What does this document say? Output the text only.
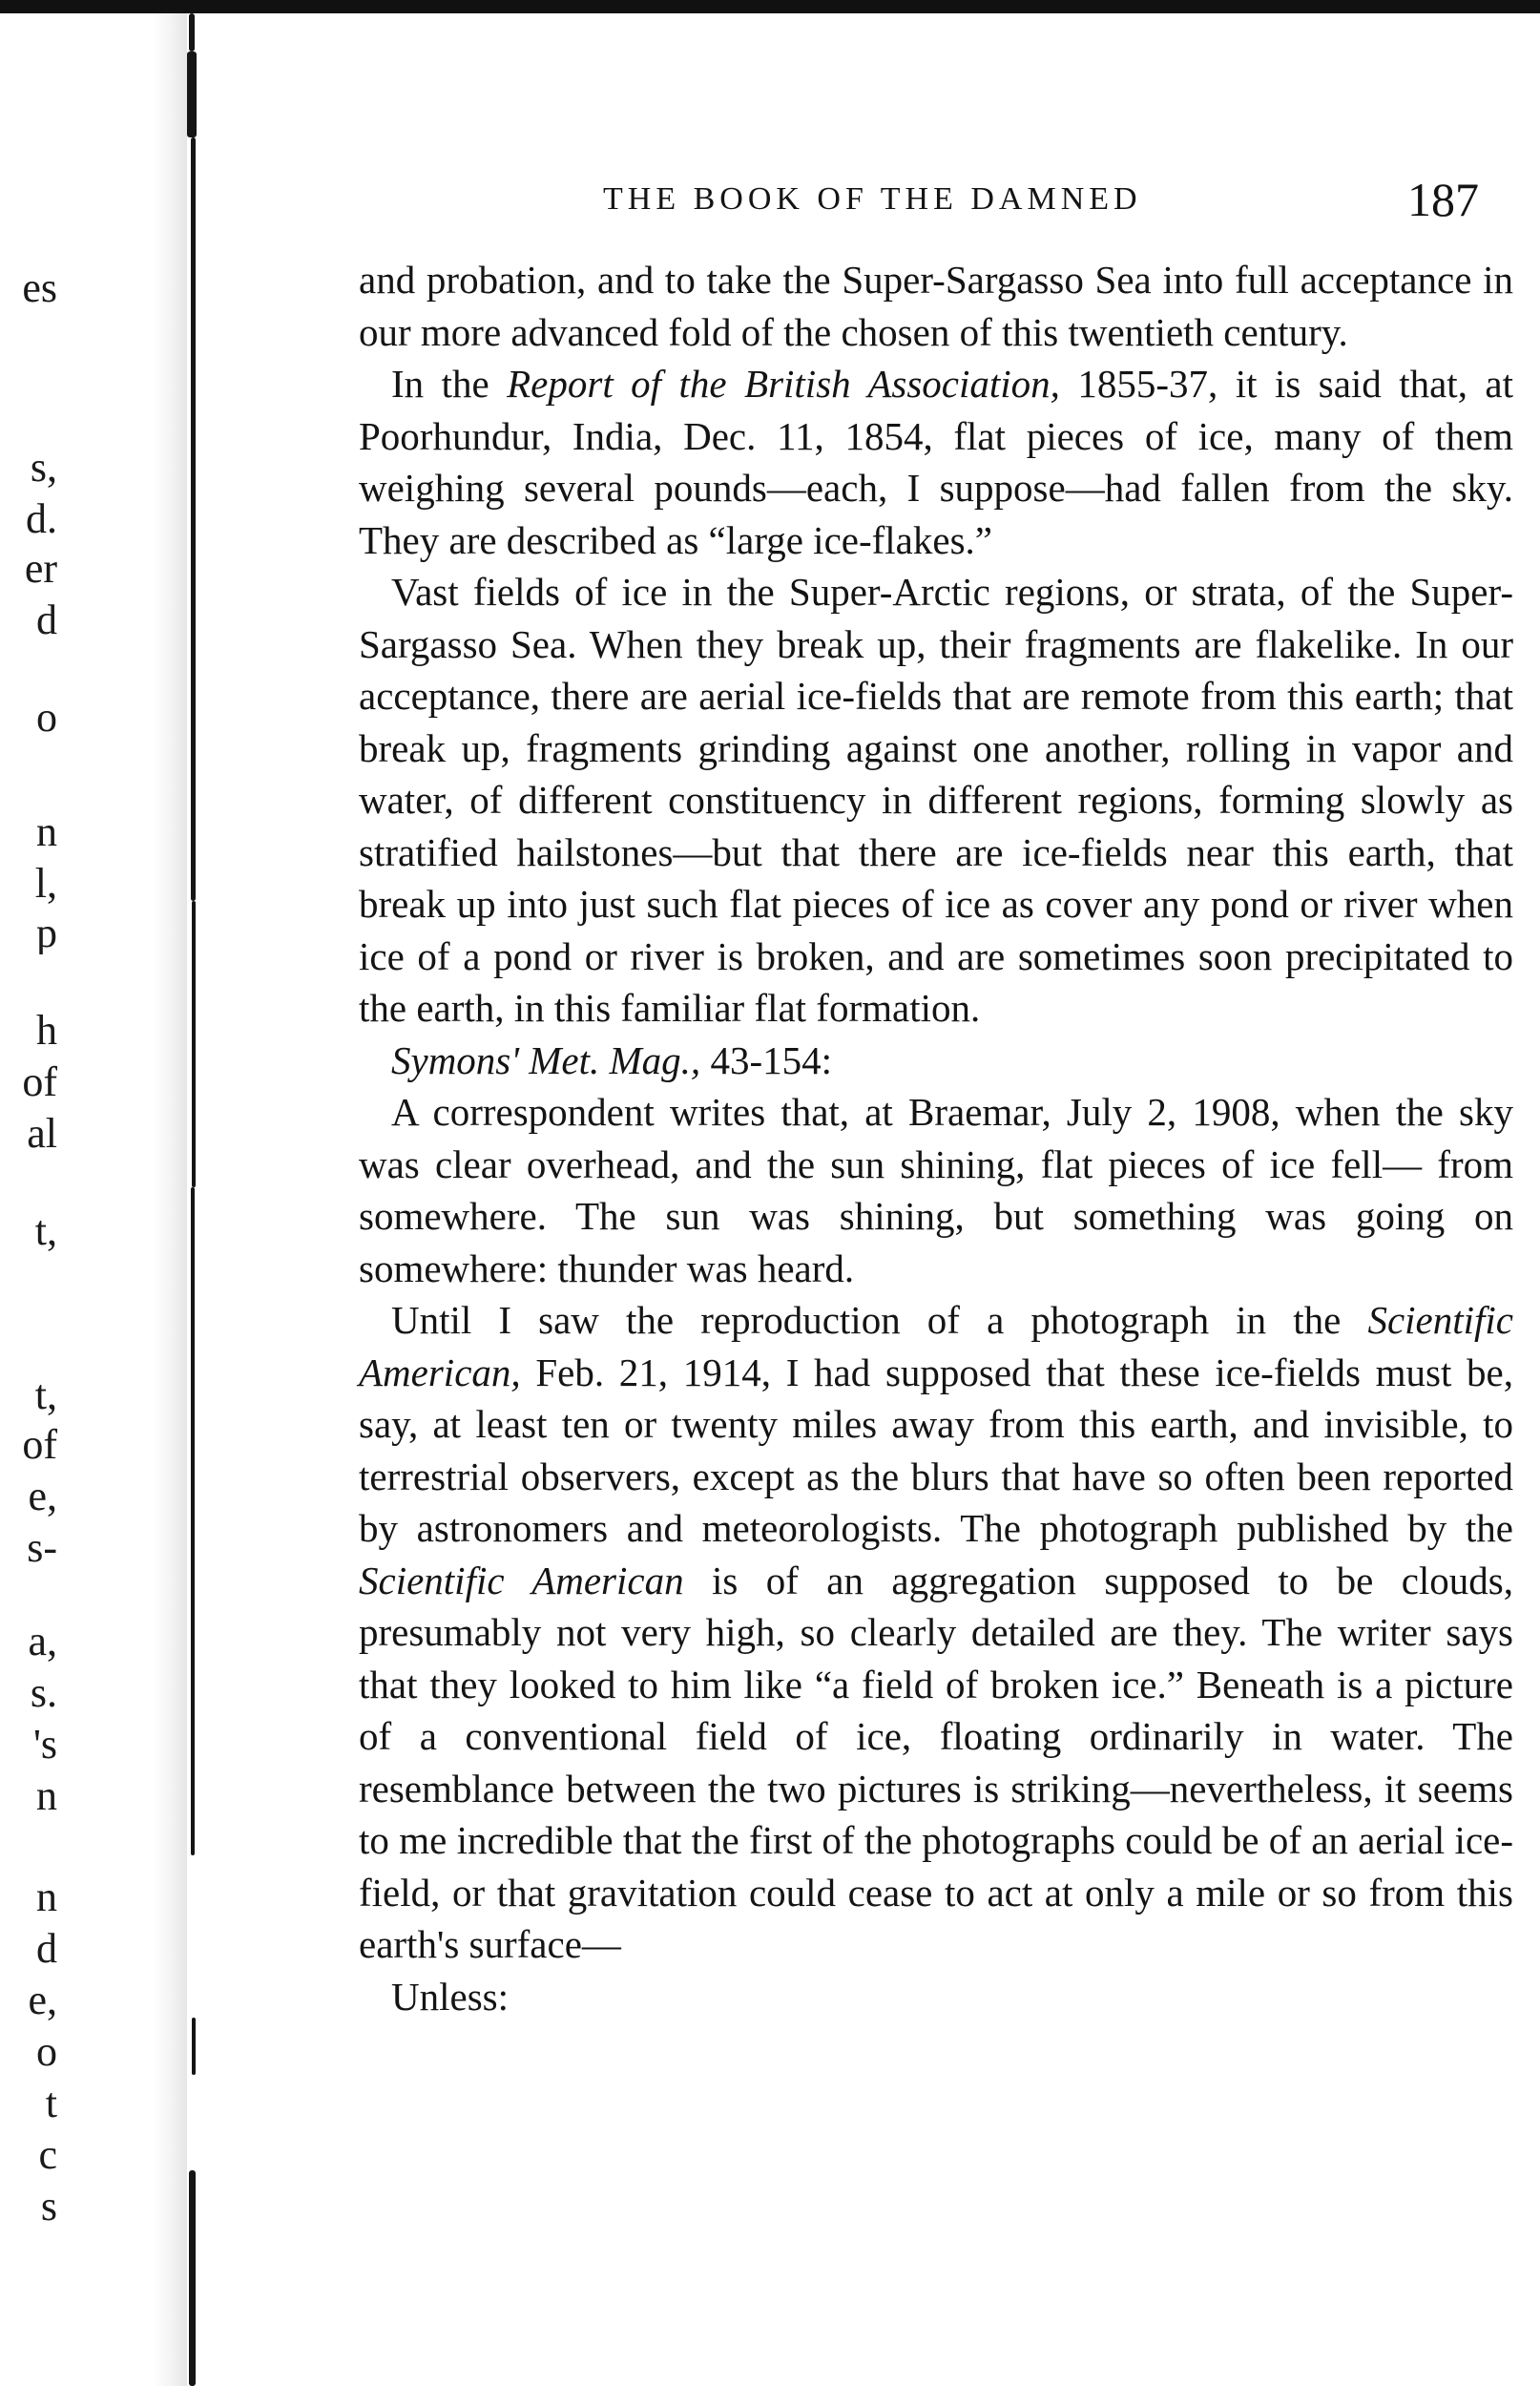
es
s,
d.
er
d
o
n
l,
p
h
of
al
t,
t,
of
e,
s-
a,
s.
's
n
n
d
e,
o
t
c
s
THE BOOK OF THE DAMNED	187

and probation, and to take the Super-Sargasso Sea into full acceptance in our more advanced fold of the chosen of this twentieth century.

In the Report of the British Association, 1855-37, it is said that, at Poorhundur, India, Dec. 11, 1854, flat pieces of ice, many of them weighing several pounds—each, I suppose—had fallen from the sky. They are described as “large ice-flakes.”

Vast fields of ice in the Super-Arctic regions, or strata, of the Super-Sargasso Sea. When they break up, their fragments are flakelike. In our acceptance, there are aerial ice-fields that are remote from this earth; that break up, fragments grinding against one another, rolling in vapor and water, of different constituency in different regions, forming slowly as stratified hailstones—but that there are ice-fields near this earth, that break up into just such flat pieces of ice as cover any pond or river when ice of a pond or river is broken, and are sometimes soon precipitated to the earth, in this familiar flat formation.

Symons' Met. Mag., 43-154:

A correspondent writes that, at Braemar, July 2, 1908, when the sky was clear overhead, and the sun shining, flat pieces of ice fell— from somewhere. The sun was shining, but something was going on somewhere: thunder was heard.

Until I saw the reproduction of a photograph in the Scientific American, Feb. 21, 1914, I had supposed that these ice-fields must be, say, at least ten or twenty miles away from this earth, and invisible, to terrestrial observers, except as the blurs that have so often been reported by astronomers and meteorologists. The photograph published by the Scientific American is of an aggregation supposed to be clouds, presumably not very high, so clearly detailed are they. The writer says that they looked to him like “a field of broken ice.” Beneath is a picture of a conventional field of ice, floating ordinarily in water. The resemblance between the two pictures is striking—nevertheless, it seems to me incredible that the first of the photographs could be of an aerial ice-field, or that gravitation could cease to act at only a mile or so from this earth's surface—

Unless:
